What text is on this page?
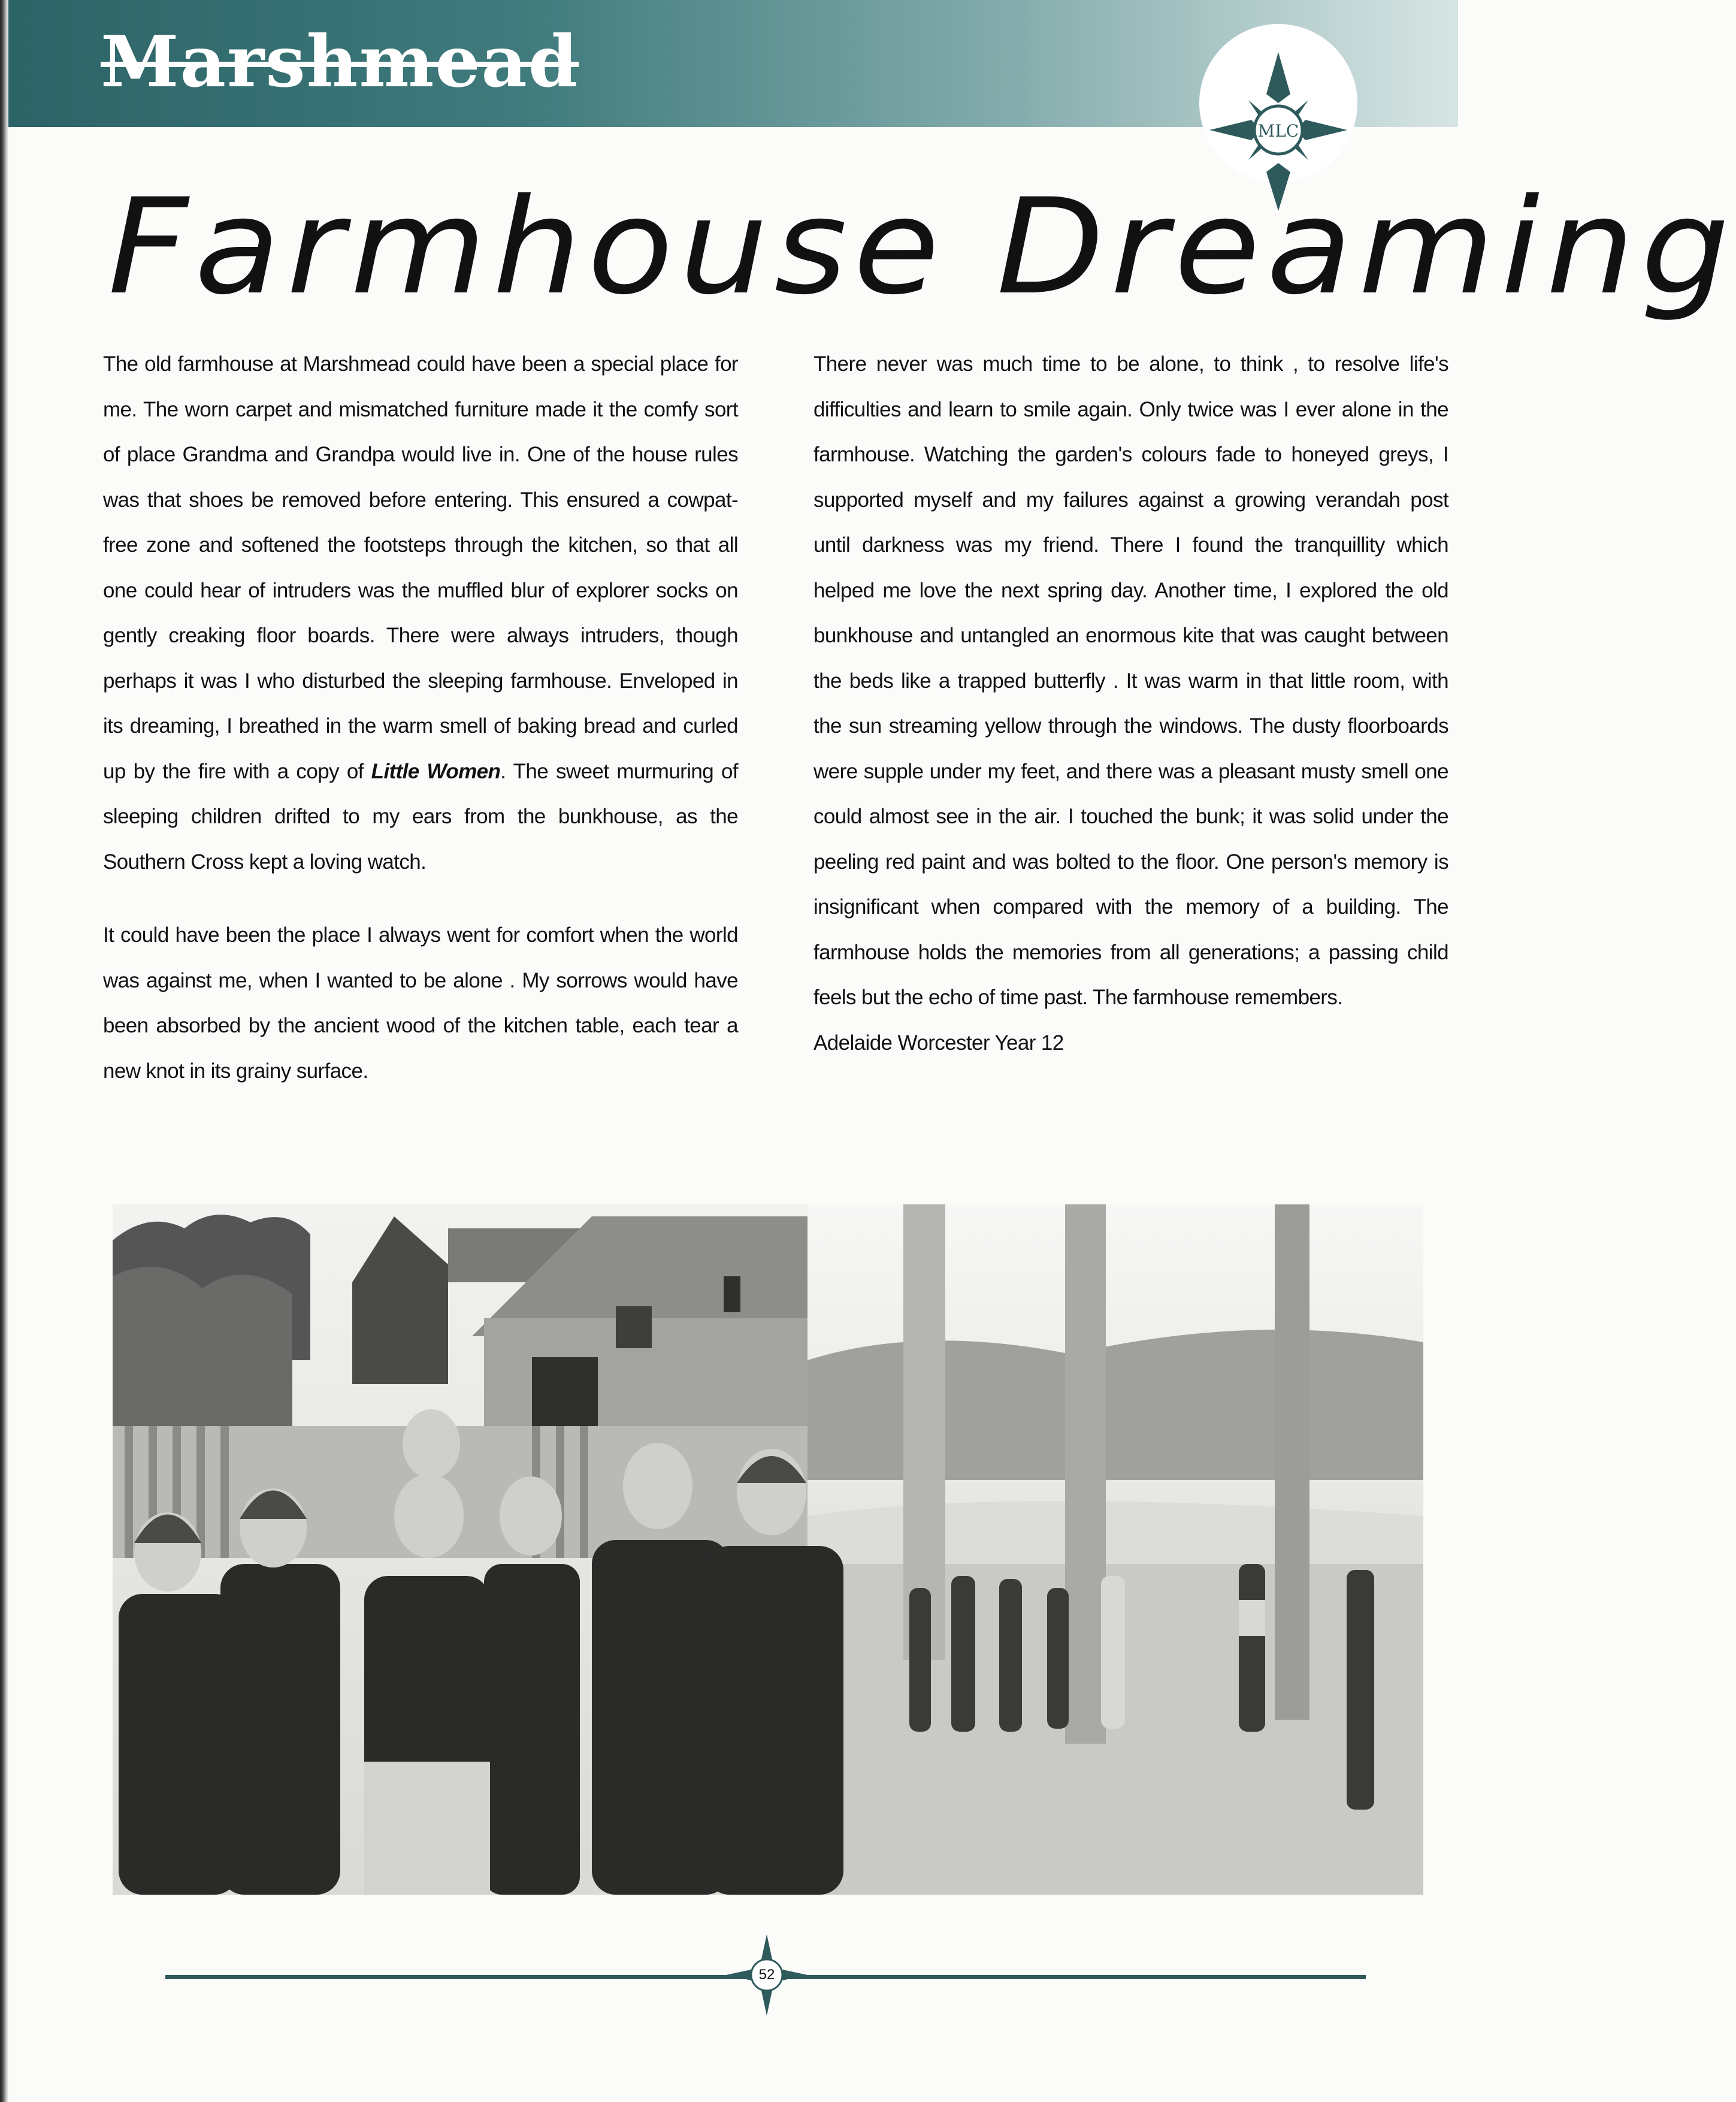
Marshmead
MLC
Farmhouse Dreaming

The old farmhouse at Marshmead could have been a special place for me. The worn carpet and mismatched furniture made it the comfy sort of place Grandma and Grandpa would live in. One of the house rules was that shoes be removed before entering. This ensured a cowpat- free zone and softened the footsteps through the kitchen, so that all one could hear of intruders was the muffled blur of explorer socks on gently creaking floor boards. There were always intruders, though perhaps it was I who disturbed the sleeping farmhouse. Enveloped in its dreaming, I breathed in the warm smell of baking bread and curled up by the fire with a copy of Little Women. The sweet murmuring of sleeping children drifted to my ears from the bunkhouse, as the Southern Cross kept a loving watch.

It could have been the place I always went for comfort when the world was against me, when I wanted to be alone . My sorrows would have been absorbed by the ancient wood of the kitchen table, each tear a new knot in its grainy surface.

There never was much time to be alone, to think , to resolve life's difficulties and learn to smile again. Only twice was I ever alone in the farmhouse. Watching the garden's colours fade to honeyed greys, I supported myself and my failures against a growing verandah post until darkness was my friend. There I found the tranquillity which helped me love the next spring day. Another time, I explored the old bunkhouse and untangled an enormous kite that was caught between the beds like a trapped butterfly . It was warm in that little room, with the sun streaming yellow through the windows. The dusty floorboards were supple under my feet, and there was a pleasant musty smell one could almost see in the air. I touched the bunk; it was solid under the peeling red paint and was bolted to the floor. One person's memory is insignificant when compared with the memory of a building. The farmhouse holds the memories from all generations; a passing child feels but the echo of time past. The farmhouse remembers.

Adelaide Worcester Year 12

52
